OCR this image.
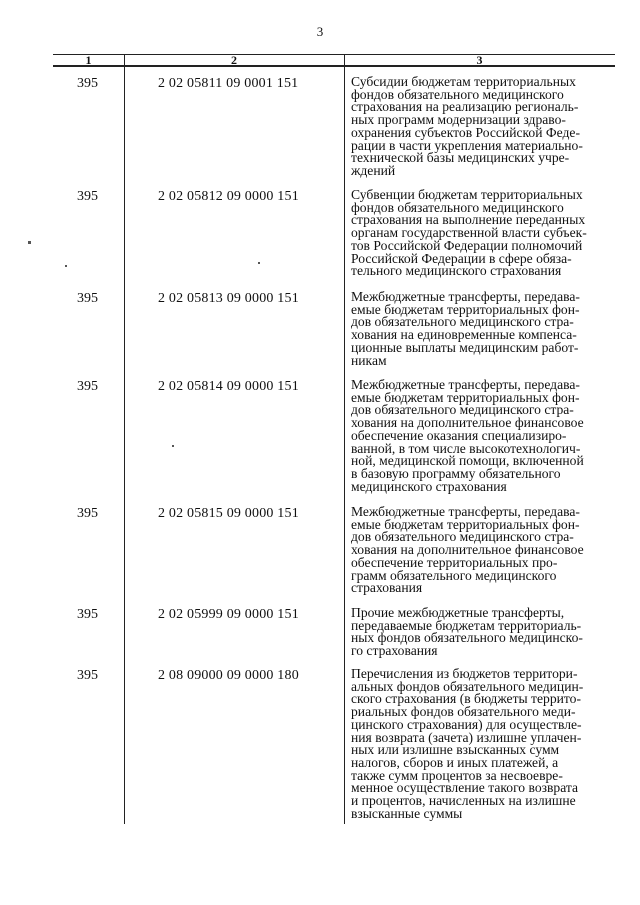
3
1	2	3
395	2 02 05811 09 0001 151	Субсидии бюджетам территориальных
фондов обязательного медицинского
страхования на реализацию региональ-
ных программ модернизации здраво-
охранения субъектов Российской Феде-
рации в части укрепления материально-
технической базы медицинских учре-
ждений
395	2 02 05812 09 0000 151	Субвенции бюджетам территориальных
фондов обязательного медицинского
страхования на выполнение переданных
органам государственной власти субъек-
тов Российской Федерации полномочий
Российской Федерации в сфере обяза-
тельного медицинского страхования
395	2 02 05813 09 0000 151	Межбюджетные трансферты, передава-
емые бюджетам территориальных фон-
дов обязательного медицинского стра-
хования на единовременные компенса-
ционные выплаты медицинским работ-
никам
395	2 02 05814 09 0000 151	Межбюджетные трансферты, передава-
емые бюджетам территориальных фон-
дов обязательного медицинского стра-
хования на дополнительное финансовое
обеспечение оказания специализиро-
ванной, в том числе высокотехнологич-
ной, медицинской помощи, включенной
в базовую программу обязательного
медицинского страхования
395	2 02 05815 09 0000 151	Межбюджетные трансферты, передава-
емые бюджетам территориальных фон-
дов обязательного медицинского стра-
хования на дополнительное финансовое
обеспечение территориальных про-
грамм обязательного медицинского
страхования
395	2 02 05999 09 0000 151	Прочие межбюджетные трансферты,
передаваемые бюджетам территориаль-
ных фондов обязательного медицинско-
го страхования
395	2 08 09000 09 0000 180	Перечисления из бюджетов территори-
альных фондов обязательного медицин-
ского страхования (в бюджеты террито-
риальных фондов обязательного меди-
цинского страхования) для осуществле-
ния возврата (зачета) излишне уплачен-
ных или излишне взысканных сумм
налогов, сборов и иных платежей, а
также сумм процентов за несвоевре-
менное осуществление такого возврата
и процентов, начисленных на излишне
взысканные суммы
